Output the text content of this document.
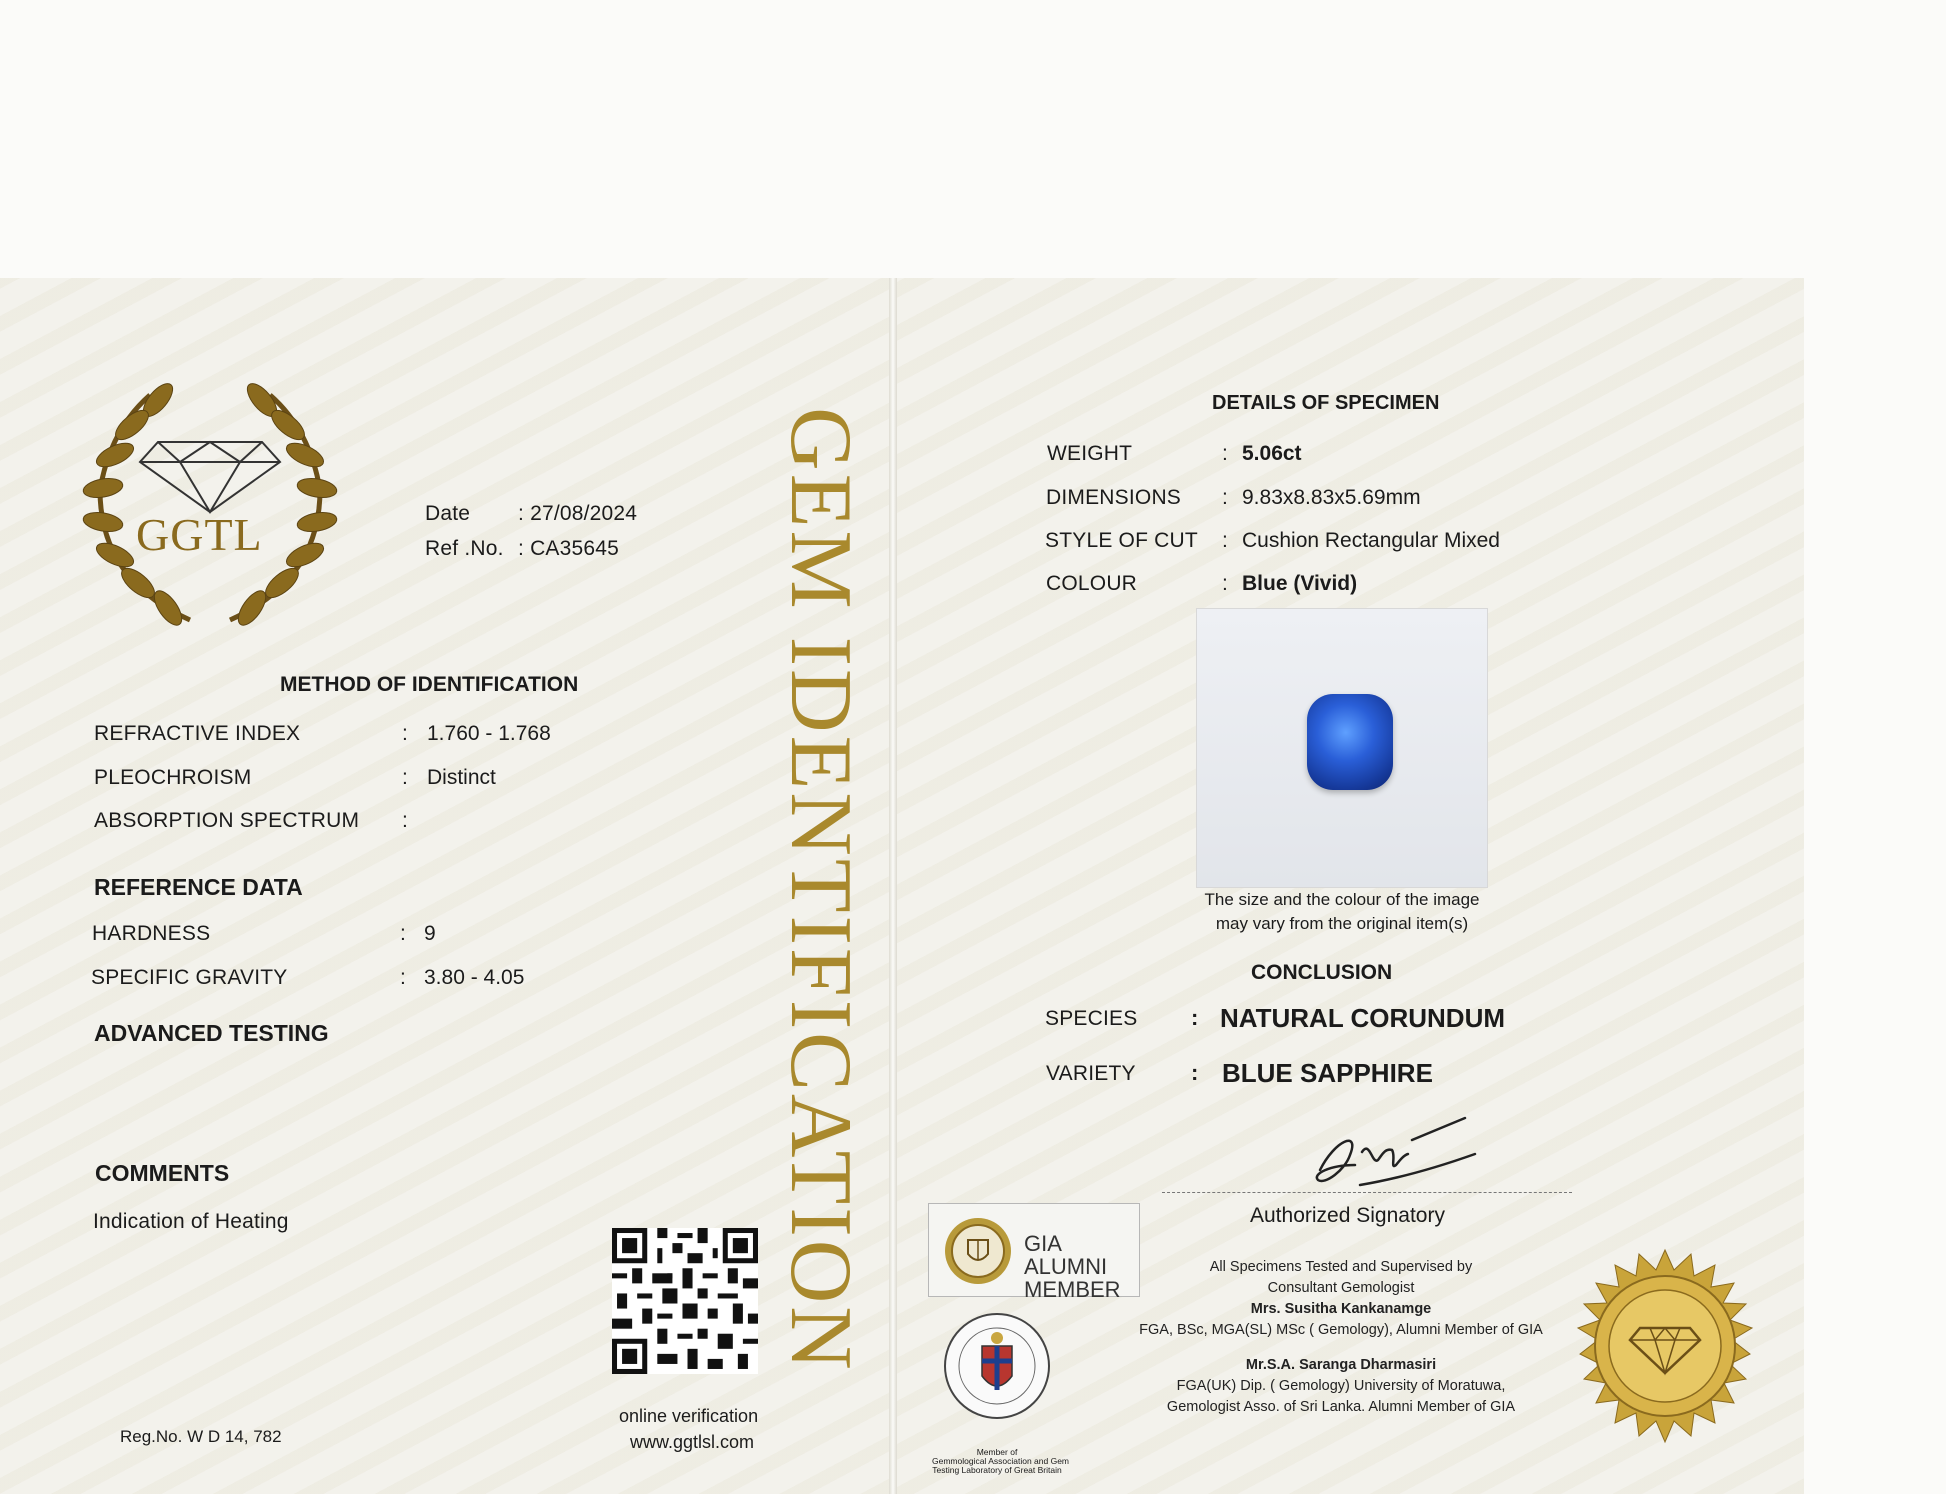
GGTL	Date : 27/08/2024
Ref .No. : CA35645
METHOD OF IDENTIFICATION
REFRACTIVE INDEX	: 1.760 - 1.768
PLEOCHROISM	: Distinct
ABSORPTION SPECTRUM :
REFERENCE DATA
HARDNESS	: 9
SPECIFIC GRAVITY	: 3.80 - 4.05
ADVANCED TESTING
COMMENTS
Indication of Heating
Reg.No. W D 14, 782
online verification
www.ggtlsl.com
GEM IDENTIFICATION
DETAILS OF SPECIMEN
WEIGHT	: 5.06ct
DIMENSIONS : 9.83x8.83x5.69mm
STYLE OF CUT : Cushion Rectangular Mixed
COLOUR	: Blue (Vivid)
The size and the colour of the image
may vary from the original item(s)
CONCLUSION
SPECIES : NATURAL CORUNDUM
VARIETY	: BLUE SAPPHIRE
Authorized Signatory
All Specimens Tested and Supervised by
Consultant Gemologist
Mrs. Susitha Kankanamge
FGA, BSc, MGA(SL) MSc ( Gemology), Alumni Member of GIA
Mr.S.A. Saranga Dharmasiri
FGA(UK) Dip. ( Gemology) University of Moratuwa,
Gemologist Asso. of Sri Lanka. Alumni Member of GIA
GIA ALUMNI
MEMBER
Member of
Gemmological Association and Gem
Testing Laboratory of Great Britain
